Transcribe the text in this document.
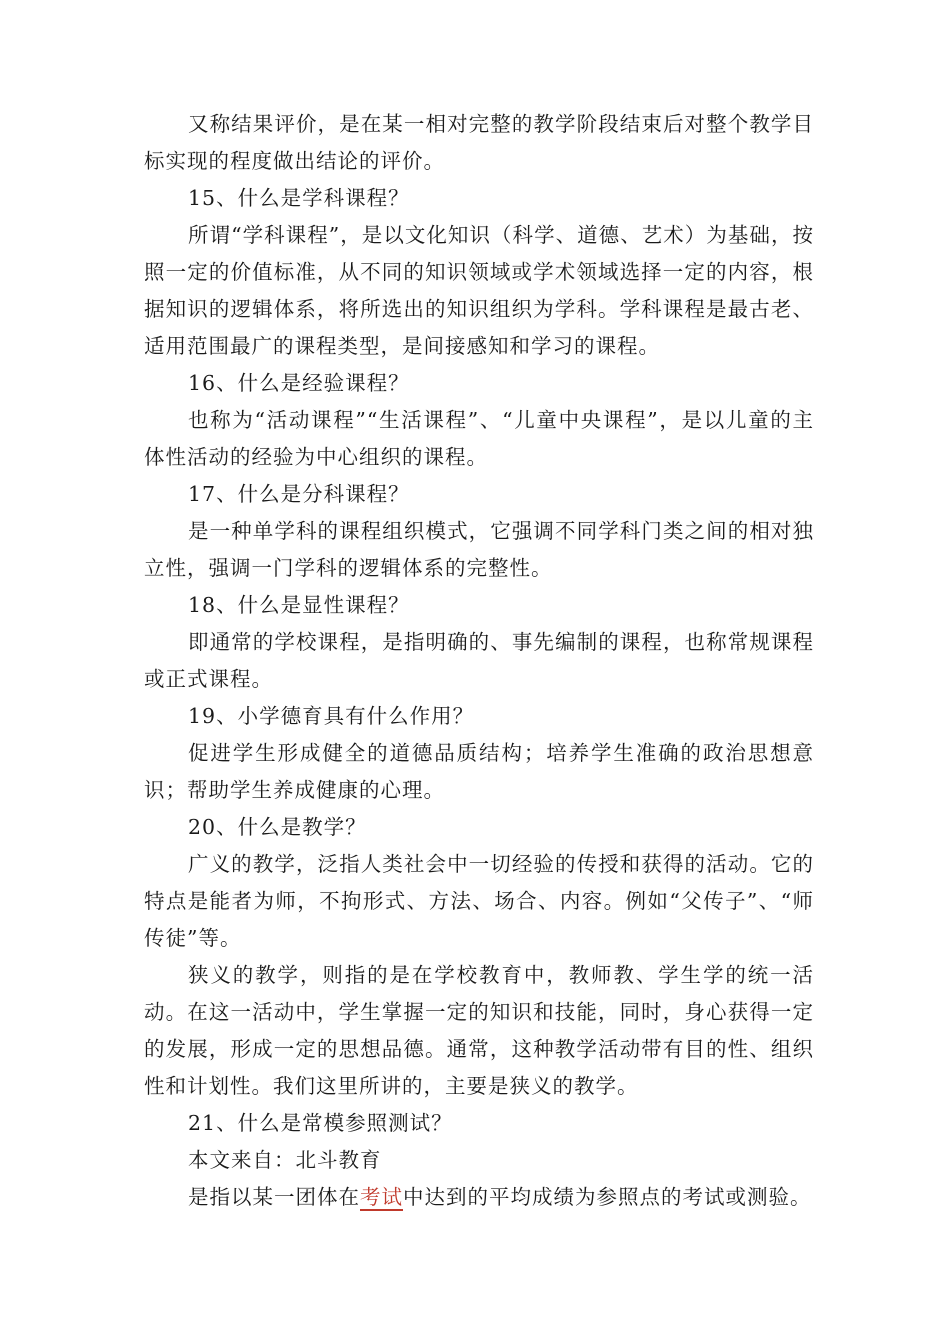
又称结果评价，是在某一相对完整的教学阶段结束后对整个教学目标实现的程度做出结论的评价。

15、什么是学科课程？

所谓“学科课程”，是以文化知识（科学、道德、艺术）为基础，按照一定的价值标准，从不同的知识领域或学术领域选择一定的内容，根据知识的逻辑体系，将所选出的知识组织为学科。学科课程是最古老、适用范围最广的课程类型，是间接感知和学习的课程。

16、什么是经验课程？

也称为“活动课程”“生活课程”、“儿童中央课程”，是以儿童的主体性活动的经验为中心组织的课程。

17、什么是分科课程？

是一种单学科的课程组织模式，它强调不同学科门类之间的相对独立性，强调一门学科的逻辑体系的完整性。

18、什么是显性课程？

即通常的学校课程，是指明确的、事先编制的课程，也称常规课程或正式课程。

19、小学德育具有什么作用？

促进学生形成健全的道德品质结构；培养学生准确的政治思想意识；帮助学生养成健康的心理。

20、什么是教学？

广义的教学，泛指人类社会中一切经验的传授和获得的活动。它的特点是能者为师，不拘形式、方法、场合、内容。例如“父传子”、“师传徒”等。

狭义的教学，则指的是在学校教育中，教师教、学生学的统一活动。在这一活动中，学生掌握一定的知识和技能，同时，身心获得一定的发展，形成一定的思想品德。通常，这种教学活动带有目的性、组织性和计划性。我们这里所讲的，主要是狭义的教学。

21、什么是常模参照测试？

本文来自：北斗教育

是指以某一团体在考试中达到的平均成绩为参照点的考试或测验。
